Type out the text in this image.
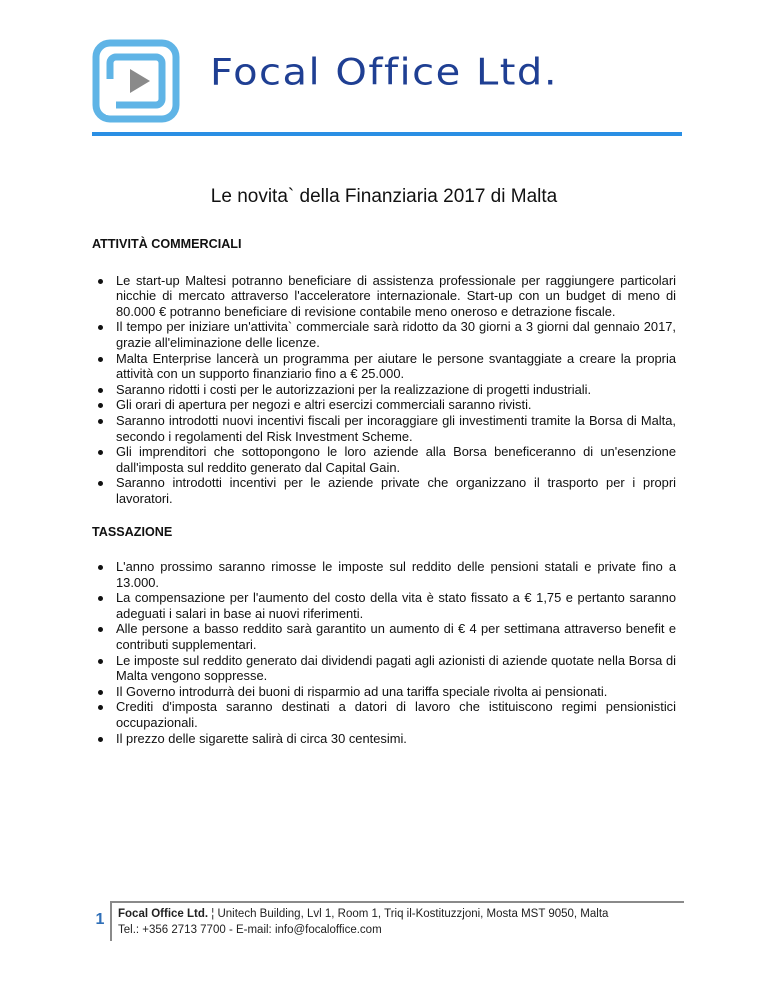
Focal Office Ltd.
Le novita` della Finanziaria 2017 di Malta
ATTIVITÀ COMMERCIALI
Le start-up Maltesi potranno beneficiare di assistenza professionale per raggiungere particolari nicchie di mercato attraverso l'acceleratore internazionale. Start-up con un budget di meno di 80.000 € potranno beneficiare di revisione contabile meno oneroso e detrazione fiscale.
Il tempo per iniziare un'attivita` commerciale sarà ridotto da 30 giorni a 3 giorni dal gennaio 2017, grazie all'eliminazione delle licenze.
Malta Enterprise lancerà un programma per aiutare le persone svantaggiate a creare la propria attività con un supporto finanziario fino a € 25.000.
Saranno ridotti i costi per le autorizzazioni per la realizzazione di progetti industriali.
Gli orari di apertura per negozi e altri esercizi commerciali saranno rivisti.
Saranno introdotti nuovi incentivi fiscali per incoraggiare gli investimenti tramite la Borsa di Malta, secondo i regolamenti del Risk Investment Scheme.
Gli imprenditori che sottopongono le loro aziende alla Borsa beneficeranno di un'esenzione dall'imposta sul reddito generato dal Capital Gain.
Saranno introdotti incentivi per le aziende private che organizzano il trasporto per i propri lavoratori.
TASSAZIONE
L'anno prossimo saranno rimosse le imposte sul reddito delle pensioni statali e private fino a 13.000.
La compensazione per l'aumento del costo della vita è stato fissato a € 1,75 e pertanto saranno adeguati i salari in base ai nuovi riferimenti.
Alle persone a basso reddito sarà garantito un aumento di € 4 per settimana attraverso benefit e contributi supplementari.
Le imposte sul reddito generato dai dividendi pagati agli azionisti di aziende quotate nella Borsa di Malta vengono soppresse.
Il Governo introdurrà dei buoni di risparmio ad una tariffa speciale rivolta ai pensionati.
Crediti d'imposta saranno destinati a datori di lavoro che istituiscono regimi pensionistici occupazionali.
Il prezzo delle sigarette salirà di circa 30 centesimi.
1	Focal Office Ltd. ¦ Unitech Building, Lvl 1, Room 1, Triq il-Kostituzzjoni, Mosta MST 9050, Malta
Tel.: +356 2713 7700 - E-mail: info@focaloffice.com
